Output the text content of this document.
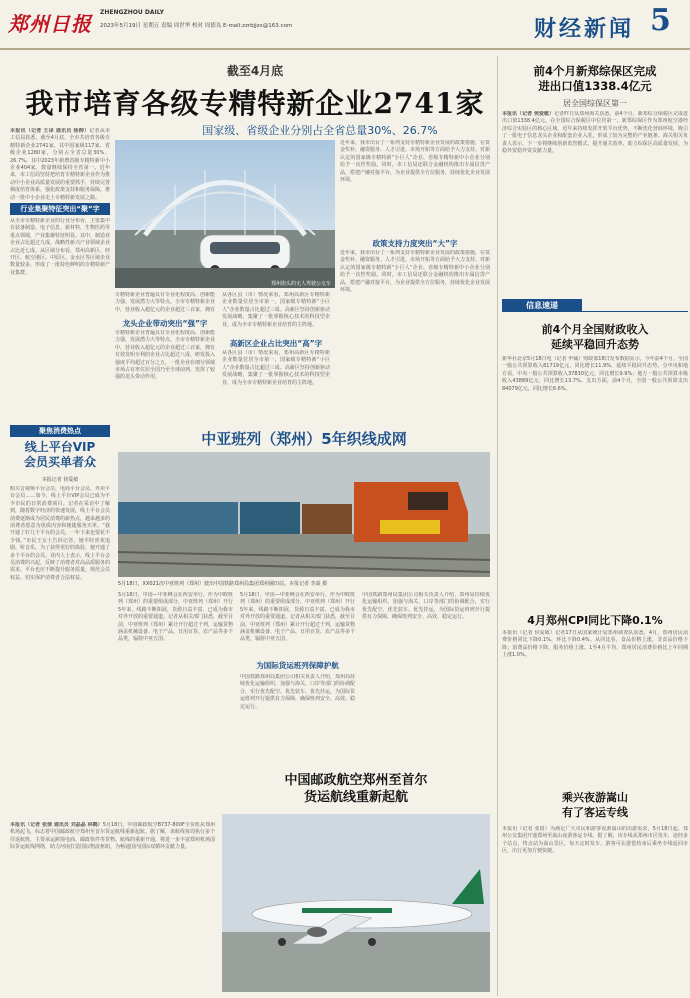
郑州日报 ZHENGZHOU DAILY
2023年5月19日 星期五 责编 周世华 校对 周德良 E-mail:zzrbjjzx@163.com	财经新闻 5
截至4月底
我市培育各级专精特新企业2741家
国家级、省级企业分别占全省总量30%、26.7%
本报讯（记者 王译 通讯员 杨柳）记者从市工信局获悉，截至4月底，全市共培育各级专精特新企业2741家，其中国家级117家、省级企业1280家，分别占全省总量30%、26.7%。其中2023年新增省级专精特新中小企业404家，数量继续保持全省第一。近年来，市工信局坚持把培育专精特新企业作为推动中小企业高质量发展的重要抓手，持续完善梯度培育体系，强化政策支持和服务保障，推动一批中小企业走上专精特新发展之路。
郑州街头的无人驾驶公交车
近年来，我市出台了一系列支持专精特新企业发展的政策措施，在资金奖补、融资服务、人才引进、市场开拓等方面给予大力支持。对新认定的国家级专精特新“小巨人”企业、省级专精特新中小企业分别给予一次性奖励。同时，市工信局还联合金融机构推出专属信贷产品，搭建产融对接平台，为企业提供全方位服务，持续优化企业发展环境。
行业集聚特征突出“聚”字
从全市专精特新企业的行业分布看，主要集中在装备制造、电子信息、新材料、生物医药等重点领域，产业集聚特征明显。其中，制造业企业占比超过九成，战略性新兴产业领域企业占比近七成。从区域分布看，郑州高新区、经开区、航空港区、中原区、金水区等区域企业数量较多，形成了一批特色鲜明的专精特新产业集群。
专精特新企业普遍具有专业化程度高、创新能力强、发展潜力大等特点。全市专精特新企业中，营业收入超亿元的企业超过三百家，拥有
龙头企业带动突出“强”字
专精特新企业普遍具有专业化程度高、创新能力强、发展潜力大等特点。全市专精特新企业中，营业收入超亿元的企业超过三百家，拥有有效发明专利的企业占比超过八成，研发投入强度平均超过百分之五，一批企业在细分领域市场占有率位居全国乃至全球前列，发挥了较强的龙头带动作用。
从各区县（市）情况来看，郑州高新区专精特新企业数量位居全市第一，国家级专精特新“小巨人”企业数量占比超过三成。高新区坚持创新驱动发展战略，集聚了一批掌握核心技术的科技型企业，成为全市专精特新企业培育的主阵地。
高新区企业占比突出“高”字
从各区县（市）情况来看，郑州高新区专精特新企业数量位居全市第一，国家级专精特新“小巨人”企业数量占比超过三成。高新区坚持创新驱动发展战略，集聚了一批掌握核心技术的科技型企业，成为全市专精特新企业培育的主阵地。
政策支持力度突出“大”字
近年来，我市出台了一系列支持专精特新企业发展的政策措施，在资金奖补、融资服务、人才引进、市场开拓等方面给予大力支持。对新认定的国家级专精特新“小巨人”企业、省级专精特新中小企业分别给予一次性奖励。同时，市工信局还联合金融机构推出专属信贷产品，搭建产融对接平台，为企业提供全方位服务，持续优化企业发展环境。
聚焦消费热点
线上平台VIP
会员买单者众
本报记者 侯爱敏
购买音视频平台会员、电商平台会员、外卖平台会员……如今，线上平台VIP会员已成为不少市民的日常消费项目。记者在采访中了解到，随着数字经济的快速发展，线上平台会员消费逐渐成为居民消费的新热点，越来越多的消费者愿意为优质内容和便捷服务买单。“我开通了好几个平台的会员，一年下来也要花不少钱。”市民王女士告诉记者，她平时喜欢追剧、听音乐，为了获得更好的体验，便开通了多个平台的会员。业内人士表示，线上平台会员消费的兴起，反映了消费者对高品质服务的需求，平台也应不断提升服务质量，规范会员权益，切实保护消费者合法权益。
中亚班列（郑州）5年织线成网
5月18日，XX021次中亚班列（郑州）驶出中国铁路郑州局集团郑州圃田站。本报记者 李焱 摄
5月18日，中国—中亚峰会在西安举行。作为中欧班列（郑州）的重要组成部分，中亚班列（郑州）开行5年来，线路不断拓展，货源日益丰富，已成为我市对外开放的重要通道。记者从相关部门获悉，截至目前，中亚班列（郑州）累计开行超过千列，运输货物涵盖机械设备、电子产品、日用百货、农产品等多个品类，辐射中亚五国。
5月18日，中国—中亚峰会在西安举行。作为中欧班列（郑州）的重要组成部分，中亚班列（郑州）开行5年来，线路不断拓展，货源日益丰富，已成为我市对外开放的重要通道。记者从相关部门获悉，截至目前，中亚班列（郑州）累计开行超过千列，运输货物涵盖机械设备、电子产品、日用百货、农产品等多个品类，辐射中亚五国。
为国际货运班列保障护航
中国铁路郑州局集团公司相关负责人介绍，郑州局持续优化运输组织，加强与海关、口岸等部门的协调配合，实行优先配空、优先装车、优先挂运，为国际货运班列开行提供有力保障，确保班列安全、高效、稳定运行。
中国铁路郑州局集团公司相关负责人介绍，郑州局持续优化运输组织，加强与海关、口岸等部门的协调配合，实行优先配空、优先装车、优先挂运，为国际货运班列开行提供有力保障，确保班列安全、高效、稳定运行。
本报讯（记者 张倩 通讯员 刘晶晶 林鹤）5月18日，中国邮政航空B737-800F全货机从郑州机场起飞，标志着中国邮政航空郑州至首尔货运航线重新起航。据了解，该航线每周执行多个往返航班，主要承运跨境电商、邮政快件等货物。航线的重新开通，将进一步丰富郑州机场国际货运航线网络，助力河南打造国际物流枢纽，为畅通国内国际双循环贡献力量。
中国邮政航空郑州至首尔
货运航线重新起航
前4个月新郑综保区完成
进出口值1338.4亿元
居全国综保区第一
本报讯（记者 侯爱敏）记者昨日从郑州海关获悉，前4个月，新郑综合保税区完成进出口值1338.4亿元，在全国综合保税区中位居第一。新郑综保区作为郑州航空港经济综合实验区的核心区域，近年来持续发挥开放平台优势，不断优化营商环境，吸引了一批电子信息龙头企业和配套企业入驻，形成了较为完整的产业链条。海关相关负责人表示，下一步将继续创新监管模式，提升通关效率，助力综保区高质量发展，为稳外贸稳外资贡献力量。
信息速递
前4个月全国财政收入
延续平稳回升态势
新华社北京5月18日电（记者 申铖）财政部18日发布数据显示，今年前4个月，全国一般公共预算收入81719亿元，同比增长11.9%，延续平稳回升态势。分中央和地方看，中央一般公共预算收入37830亿元，同比增长9.9%；地方一般公共预算本级收入43889亿元，同比增长13.7%。支出方面，前4个月，全国一般公共预算支出84079亿元，同比增长6.6%。
4月郑州CPI同比下降0.1%
本报讯（记者 侯爱敏）记者17日从国家统计局郑州调查队获悉，4月，郑州居民消费价格同比下降0.1%，环比下降0.4%。从同比看，食品价格上涨，非食品价格下降；消费品价格下降，服务价格上涨。1至4月平均，郑州居民消费价格比上年同期上涨1.0%。
乘兴夜游嵩山
有了客运专线
本报讯（记者 张倩）为满足广大市民和游客夜游嵩山的出游需求，5月18日起，郑州公交集团开通郑州至嵩山夜游客运专线。据了解，该专线从郑州市区发车，途经多个站点，终点站为嵩山景区，每天定时发车，游客可在游览结束后乘坐专线返回市区，出行更加方便快捷。
